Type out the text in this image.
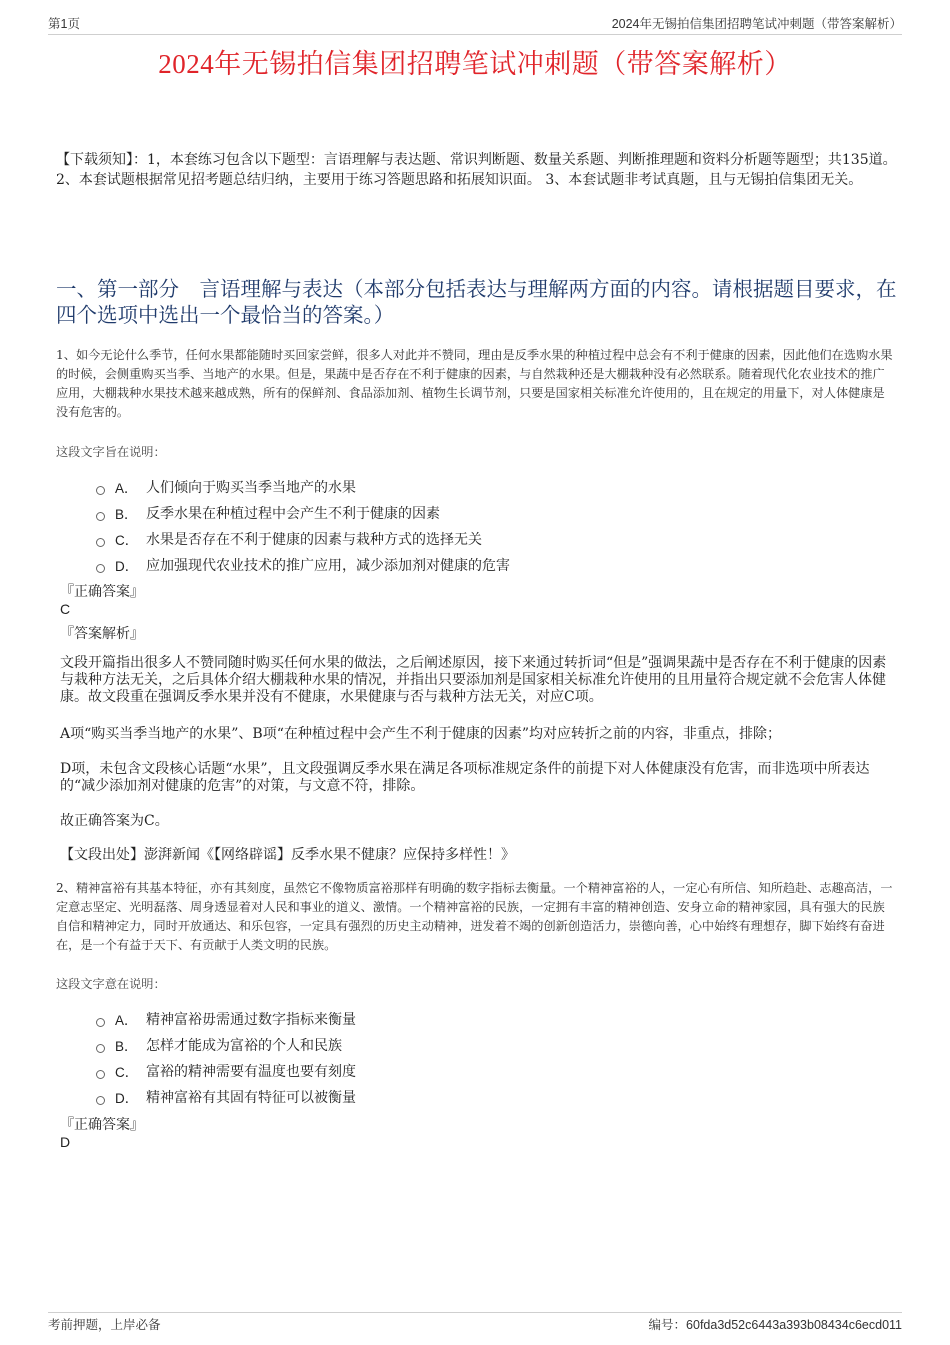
第1页	2024年无锡拍信集团招聘笔试冲刺题（带答案解析）
2024年无锡拍信集团招聘笔试冲刺题（带答案解析）
【下载须知】：1，本套练习包含以下题型：言语理解与表达题、常识判断题、数量关系题、判断推理题和资料分析题等题型；共135道。 2、本套试题根据常见招考题总结归纳，主要用于练习答题思路和拓展知识面。 3、本套试题非考试真题，且与无锡拍信集团无关。
一、第一部分　言语理解与表达（本部分包括表达与理解两方面的内容。请根据题目要求，在四个选项中选出一个最恰当的答案。）
1、如今无论什么季节，任何水果都能随时买回家尝鲜，很多人对此并不赞同，理由是反季水果的种植过程中总会有不利于健康的因素，因此他们在选购水果的时候，会侧重购买当季、当地产的水果。但是，果蔬中是否存在不利于健康的因素，与自然栽种还是大棚栽种没有必然联系。随着现代化农业技术的推广应用，大棚栽种水果技术越来越成熟，所有的保鲜剂、食品添加剂、植物生长调节剂，只要是国家相关标准允许使用的，且在规定的用量下，对人体健康是没有危害的。
这段文字旨在说明：
A． 人们倾向于购买当季当地产的水果
B． 反季水果在种植过程中会产生不利于健康的因素
C． 水果是否存在不利于健康的因素与栽种方式的选择无关
D． 应加强现代农业技术的推广应用，减少添加剂对健康的危害
『正确答案』
C
『答案解析』
文段开篇指出很多人不赞同随时购买任何水果的做法，之后阐述原因，接下来通过转折词“但是”强调果蔬中是否存在不利于健康的因素与栽种方法无关，之后具体介绍大棚栽种水果的情况，并指出只要添加剂是国家相关标准允许使用的且用量符合规定就不会危害人体健康。故文段重在强调反季水果并没有不健康，水果健康与否与栽种方法无关，对应C项。
A项“购买当季当地产的水果”、B项“在种植过程中会产生不利于健康的因素”均对应转折之前的内容，非重点，排除；
D项，未包含文段核心话题“水果”，且文段强调反季水果在满足各项标准规定条件的前提下对人体健康没有危害，而非选项中所表达的“减少添加剂对健康的危害”的对策，与文意不符，排除。
故正确答案为C。
【文段出处】澎湃新闻《【网络辟谣】反季水果不健康？应保持多样性！》
2、精神富裕有其基本特征，亦有其刻度，虽然它不像物质富裕那样有明确的数字指标去衡量。一个精神富裕的人，一定心有所信、知所趋赴、志趣高洁，一定意志坚定、光明磊落、周身透显着对人民和事业的道义、激情。一个精神富裕的民族，一定拥有丰富的精神创造、安身立命的精神家园，具有强大的民族自信和精神定力，同时开放通达、和乐包容，一定具有强烈的历史主动精神，迸发着不竭的创新创造活力，崇德向善，心中始终有理想存，脚下始终有奋进在，是一个有益于天下、有贡献于人类文明的民族。
这段文字意在说明：
A． 精神富裕毋需通过数字指标来衡量
B． 怎样才能成为富裕的个人和民族
C． 富裕的精神需要有温度也要有刻度
D． 精神富裕有其固有特征可以被衡量
『正确答案』
D
考前押题，上岸必备	编号：60fda3d52c6443a393b08434c6ecd011
